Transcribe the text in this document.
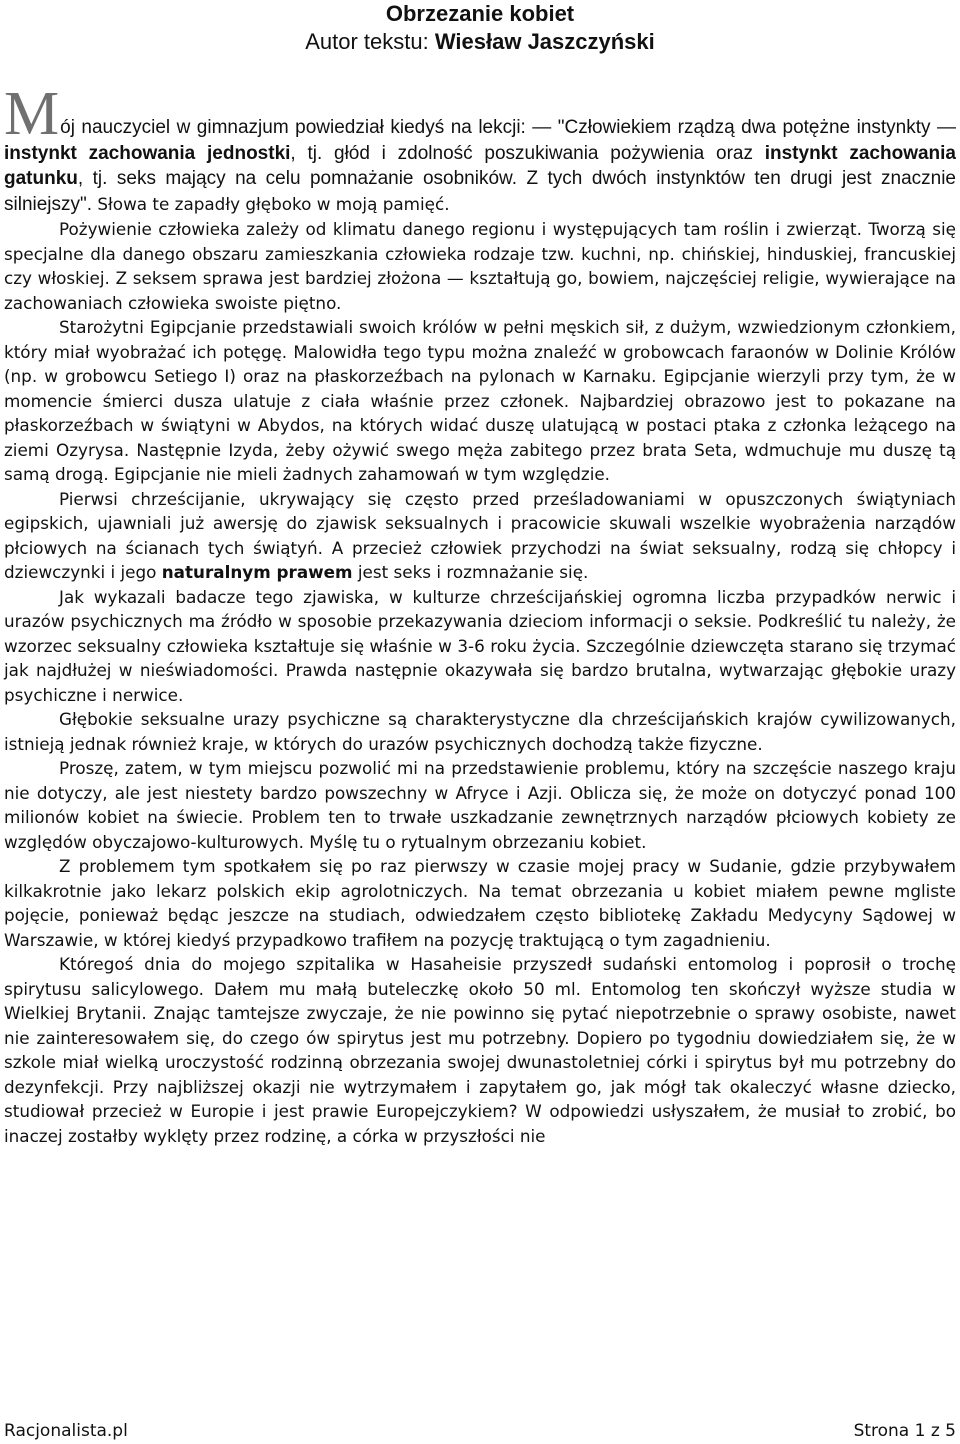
Obrzezanie kobiet
Autor tekstu: Wiesław Jaszczyński

Mój nauczyciel w gimnazjum powiedział kiedyś na lekcji: — "Człowiekiem rządzą dwa potężne instynkty — instynkt zachowania jednostki, tj. głód i zdolność poszukiwania pożywienia oraz instynkt zachowania gatunku, tj. seks mający na celu pomnażanie osobników. Z tych dwóch instynktów ten drugi jest znacznie silniejszy". Słowa te zapadły głęboko w moją pamięć.

Pożywienie człowieka zależy od klimatu danego regionu i występujących tam roślin i zwierząt. Tworzą się specjalne dla danego obszaru zamieszkania człowieka rodzaje tzw. kuchni, np. chińskiej, hinduskiej, francuskiej czy włoskiej. Z seksem sprawa jest bardziej złożona — kształtują go, bowiem, najczęściej religie, wywierające na zachowaniach człowieka swoiste piętno.

Starożytni Egipcjanie przedstawiali swoich królów w pełni męskich sił, z dużym, wzwiedzionym członkiem, który miał wyobrażać ich potęgę. Malowidła tego typu można znaleźć w grobowcach faraonów w Dolinie Królów (np. w grobowcu Setiego I) oraz na płaskorzeźbach na pylonach w Karnaku. Egipcjanie wierzyli przy tym, że w momencie śmierci dusza ulatuje z ciała właśnie przez członek. Najbardziej obrazowo jest to pokazane na płaskorzeźbach w świątyni w Abydos, na których widać duszę ulatującą w postaci ptaka z członka leżącego na ziemi Ozyrysa. Następnie Izyda, żeby ożywić swego męża zabitego przez brata Seta, wdmuchuje mu duszę tą samą drogą. Egipcjanie nie mieli żadnych zahamowań w tym względzie.

Pierwsi chrześcijanie, ukrywający się często przed prześladowaniami w opuszczonych świątyniach egipskich, ujawniali już awersję do zjawisk seksualnych i pracowicie skuwali wszelkie wyobrażenia narządów płciowych na ścianach tych świątyń. A przecież człowiek przychodzi na świat seksualny, rodzą się chłopcy i dziewczynki i jego naturalnym prawem jest seks i rozmnażanie się.

Jak wykazali badacze tego zjawiska, w kulturze chrześcijańskiej ogromna liczba przypadków nerwic i urazów psychicznych ma źródło w sposobie przekazywania dzieciom informacji o seksie. Podkreślić tu należy, że wzorzec seksualny człowieka kształtuje się właśnie w 3-6 roku życia. Szczególnie dziewczęta starano się trzymać jak najdłużej w nieświadomości. Prawda następnie okazywała się bardzo brutalna, wytwarzając głębokie urazy psychiczne i nerwice.

Głębokie seksualne urazy psychiczne są charakterystyczne dla chrześcijańskich krajów cywilizowanych, istnieją jednak również kraje, w których do urazów psychicznych dochodzą także fizyczne.

Proszę, zatem, w tym miejscu pozwolić mi na przedstawienie problemu, który na szczęście naszego kraju nie dotyczy, ale jest niestety bardzo powszechny w Afryce i Azji. Oblicza się, że może on dotyczyć ponad 100 milionów kobiet na świecie. Problem ten to trwałe uszkadzanie zewnętrznych narządów płciowych kobiety ze względów obyczajowo-kulturowych. Myślę tu o rytualnym obrzezaniu kobiet.

Z problemem tym spotkałem się po raz pierwszy w czasie mojej pracy w Sudanie, gdzie przybywałem kilkakrotnie jako lekarz polskich ekip agrolotniczych. Na temat obrzezania u kobiet miałem pewne mgliste pojęcie, ponieważ będąc jeszcze na studiach, odwiedzałem często bibliotekę Zakładu Medycyny Sądowej w Warszawie, w której kiedyś przypadkowo trafiłem na pozycję traktującą o tym zagadnieniu.

Któregoś dnia do mojego szpitalika w Hasaheisie przyszedł sudański entomolog i poprosił o trochę spirytusu salicylowego. Dałem mu małą buteleczkę około 50 ml. Entomolog ten skończył wyższe studia w Wielkiej Brytanii. Znając tamtejsze zwyczaje, że nie powinno się pytać niepotrzebnie o sprawy osobiste, nawet nie zainteresowałem się, do czego ów spirytus jest mu potrzebny. Dopiero po tygodniu dowiedziałem się, że w szkole miał wielką uroczystość rodzinną obrzezania swojej dwunastoletniej córki i spirytus był mu potrzebny do dezynfekcji. Przy najbliższej okazji nie wytrzymałem i zapytałem go, jak mógł tak okaleczyć własne dziecko, studiował przecież w Europie i jest prawie Europejczykiem? W odpowiedzi usłyszałem, że musiał to zrobić, bo inaczej zostałby wyklęty przez rodzinę, a córka w przyszłości nie

Racjonalista.pl	Strona 1 z 5
